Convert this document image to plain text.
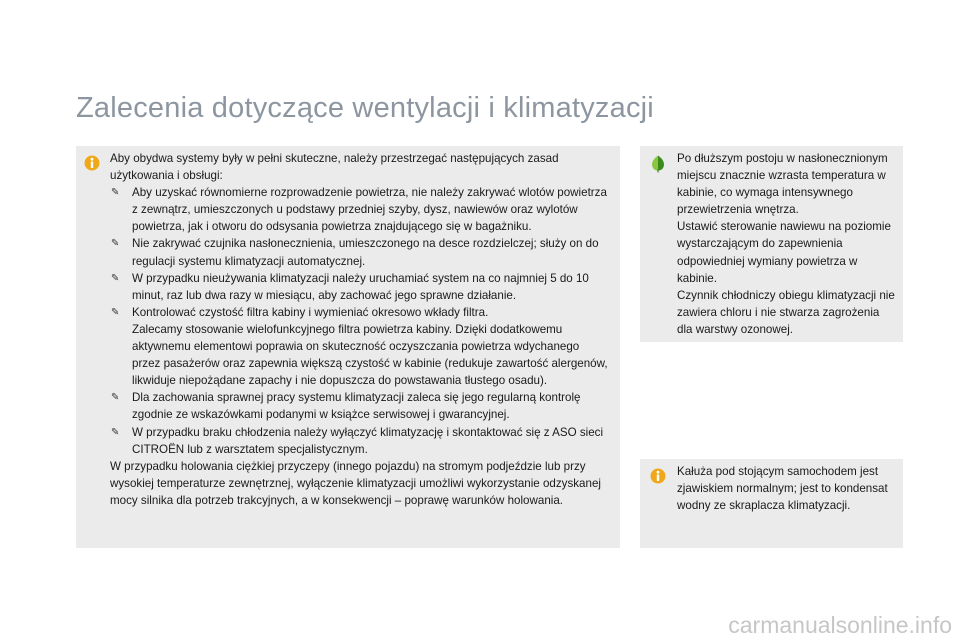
Zalecenia dotyczące wentylacji i klimatyzacji
Aby obydwa systemy były w pełni skuteczne, należy przestrzegać następujących zasad użytkowania i obsługi:
✎ Aby uzyskać równomierne rozprowadzenie powietrza, nie należy zakrywać wlotów powietrza z zewnątrz, umieszczonych u podstawy przedniej szyby, dysz, nawiewów oraz wylotów powietrza, jak i otworu do odsysania powietrza znajdującego się w bagażniku.
✎ Nie zakrywać czujnika nasłonecznienia, umieszczonego na desce rozdzielczej; służy on do regulacji systemu klimatyzacji automatycznej.
✎ W przypadku nieużywania klimatyzacji należy uruchamiać system na co najmniej 5 do 10 minut, raz lub dwa razy w miesiącu, aby zachować jego sprawne działanie.
✎ Kontrolować czystość filtra kabiny i wymieniać okresowo wkłady filtra.
Zalecamy stosowanie wielofunkcyjnego filtra powietrza kabiny. Dzięki dodatkowemu aktywnemu elementowi poprawia on skuteczność oczyszczania powietrza wdychanego przez pasażerów oraz zapewnia większą czystość w kabinie (redukuje zawartość alergenów, likwiduje niepożądane zapachy i nie dopuszcza do powstawania tłustego osadu).
✎ Dla zachowania sprawnej pracy systemu klimatyzacji zaleca się jego regularną kontrolę zgodnie ze wskazówkami podanymi w książce serwisowej i gwarancyjnej.
✎ W przypadku braku chłodzenia należy wyłączyć klimatyzację i skontaktować się z ASO sieci CITROËN lub z warsztatem specjalistycznym.
W przypadku holowania ciężkiej przyczepy (innego pojazdu) na stromym podjeździe lub przy wysokiej temperaturze zewnętrznej, wyłączenie klimatyzacji umożliwi wykorzystanie odzyskanej mocy silnika dla potrzeb trakcyjnych, a w konsekwencji – poprawę warunków holowania.
Po dłuższym postoju w nasłonecznionym miejscu znacznie wzrasta temperatura w kabinie, co wymaga intensywnego przewietrzenia wnętrza.
Ustawić sterowanie nawiewu na poziomie wystarczającym do zapewnienia odpowiedniej wymiany powietrza w kabinie.
Czynnik chłodniczy obiegu klimatyzacji nie zawiera chloru i nie stwarza zagrożenia dla warstwy ozonowej.
Kałuża pod stojącym samochodem jest zjawiskiem normalnym; jest to kondensat wodny ze skraplacza klimatyzacji.
carmanualsonline.info
